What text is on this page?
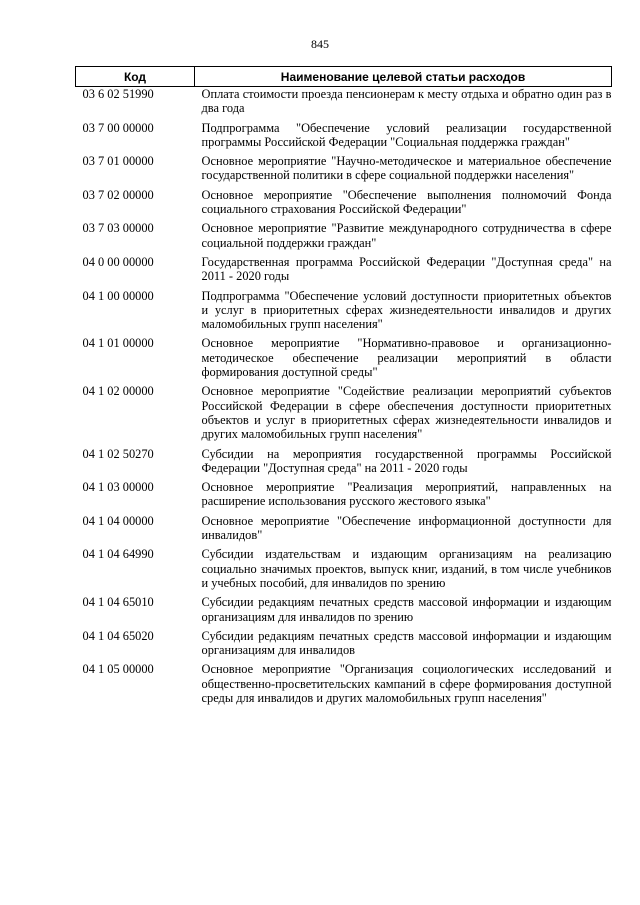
845
Код	Наименование целевой статьи расходов
03 6 02 51990	Оплата стоимости проезда пенсионерам к месту отдыха и обратно один раз в два года
03 7 00 00000	Подпрограмма "Обеспечение условий реализации государственной программы Российской Федерации "Социальная поддержка граждан"
03 7 01 00000	Основное мероприятие "Научно-методическое и материальное обеспечение государственной политики в сфере социальной поддержки населения"
03 7 02 00000	Основное мероприятие "Обеспечение выполнения полномочий Фонда социального страхования Российской Федерации"
03 7 03 00000	Основное мероприятие "Развитие международного сотрудничества в сфере социальной поддержки граждан"
04 0 00 00000	Государственная программа Российской Федерации "Доступная среда" на 2011 - 2020 годы
04 1 00 00000	Подпрограмма "Обеспечение условий доступности приоритетных объектов и услуг в приоритетных сферах жизнедеятельности инвалидов и других маломобильных групп населения"
04 1 01 00000	Основное мероприятие "Нормативно-правовое и организационно-методическое обеспечение реализации мероприятий в области формирования доступной среды"
04 1 02 00000	Основное мероприятие "Содействие реализации мероприятий субъектов Российской Федерации в сфере обеспечения доступности приоритетных объектов и услуг в приоритетных сферах жизнедеятельности инвалидов и других маломобильных групп населения"
04 1 02 50270	Субсидии на мероприятия государственной программы Российской Федерации "Доступная среда" на 2011 - 2020 годы
04 1 03 00000	Основное мероприятие "Реализация мероприятий, направленных на расширение использования русского жестового языка"
04 1 04 00000	Основное мероприятие "Обеспечение информационной доступности для инвалидов"
04 1 04 64990	Субсидии издательствам и издающим организациям на реализацию социально значимых проектов, выпуск книг, изданий, в том числе учебников и учебных пособий, для инвалидов по зрению
04 1 04 65010	Субсидии редакциям печатных средств массовой информации и издающим организациям для инвалидов по зрению
04 1 04 65020	Субсидии редакциям печатных средств массовой информации и издающим организациям для инвалидов
04 1 05 00000	Основное мероприятие "Организация социологических исследований и общественно-просветительских кампаний в сфере формирования доступной среды для инвалидов и других маломобильных групп населения"
